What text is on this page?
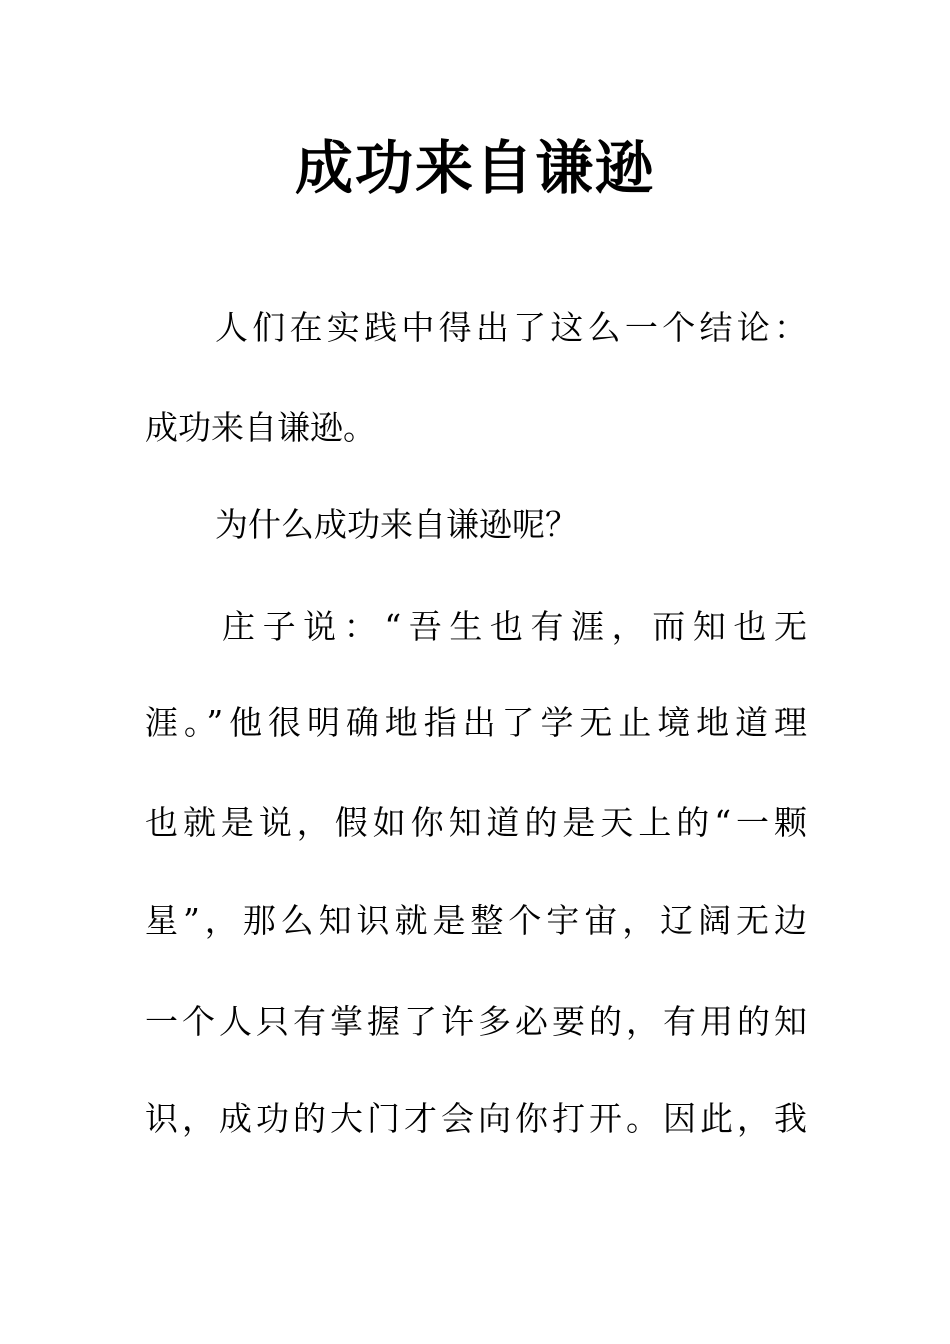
成功来自谦逊
人们在实践中得出了这么一个结论：
成功来自谦逊。
为什么成功来自谦逊呢？
庄子说：“吾生也有涯，而知也无
涯。”他很明确地指出了学无止境地道理
也就是说，假如你知道的是天上的“一颗
星”，那么知识就是整个宇宙，辽阔无边
一个人只有掌握了许多必要的，有用的知
识，成功的大门才会向你打开。因此，我
